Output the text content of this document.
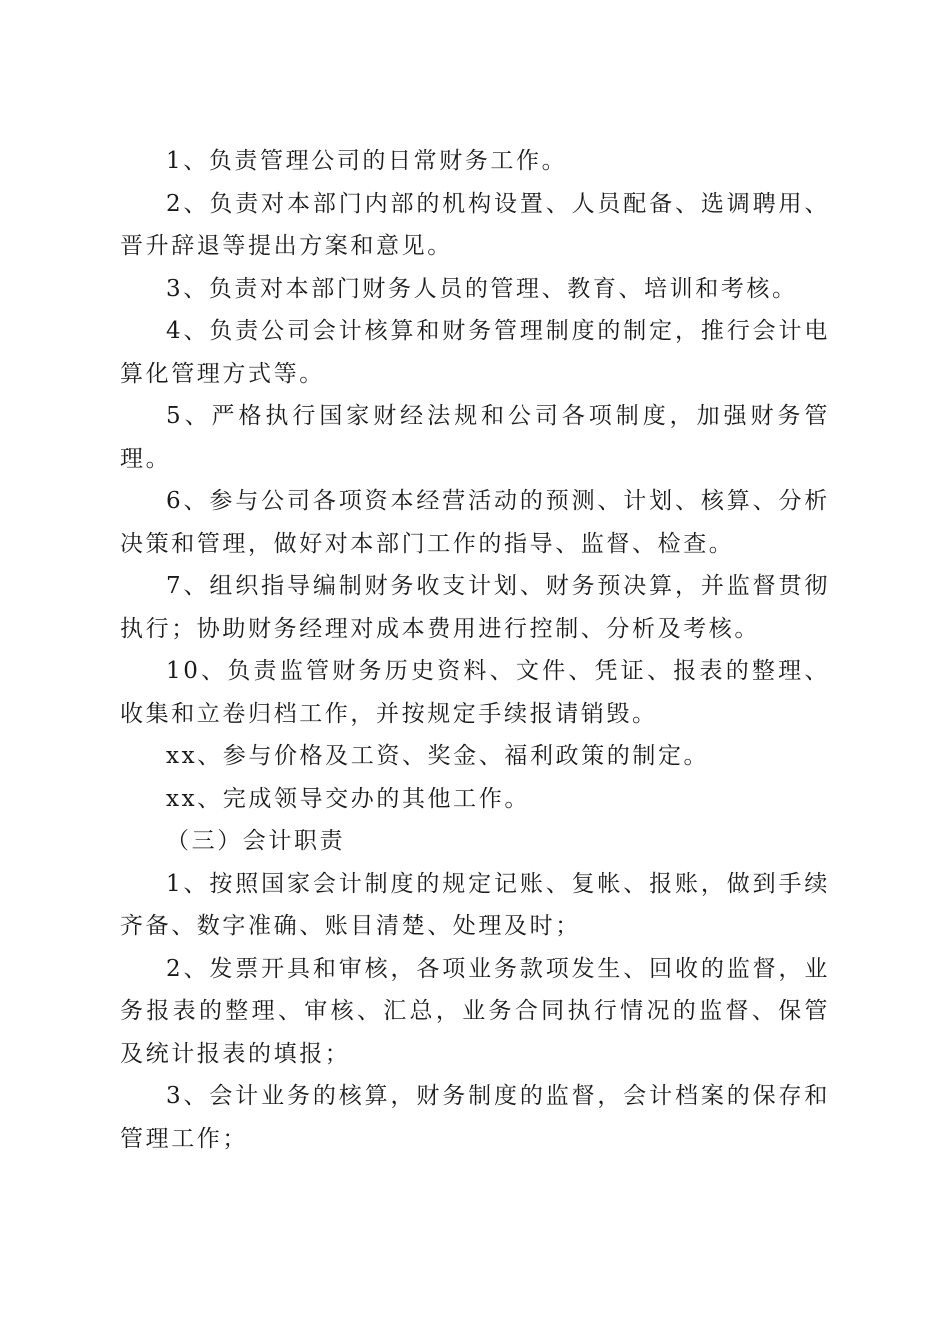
1、负责管理公司的日常财务工作。

2、负责对本部门内部的机构设置、人员配备、选调聘用、晋升辞退等提出方案和意见。

3、负责对本部门财务人员的管理、教育、培训和考核。

4、负责公司会计核算和财务管理制度的制定，推行会计电算化管理方式等。

5、严格执行国家财经法规和公司各项制度，加强财务管理。

6、参与公司各项资本经营活动的预测、计划、核算、分析决策和管理，做好对本部门工作的指导、监督、检查。

7、组织指导编制财务收支计划、财务预决算，并监督贯彻执行；协助财务经理对成本费用进行控制、分析及考核。

10、负责监管财务历史资料、文件、凭证、报表的整理、收集和立卷归档工作，并按规定手续报请销毁。

xx、参与价格及工资、奖金、福利政策的制定。

xx、完成领导交办的其他工作。

（三）会计职责

1、按照国家会计制度的规定记账、复帐、报账，做到手续齐备、数字准确、账目清楚、处理及时；

2、发票开具和审核，各项业务款项发生、回收的监督，业务报表的整理、审核、汇总，业务合同执行情况的监督、保管及统计报表的填报；

3、会计业务的核算，财务制度的监督，会计档案的保存和管理工作；
